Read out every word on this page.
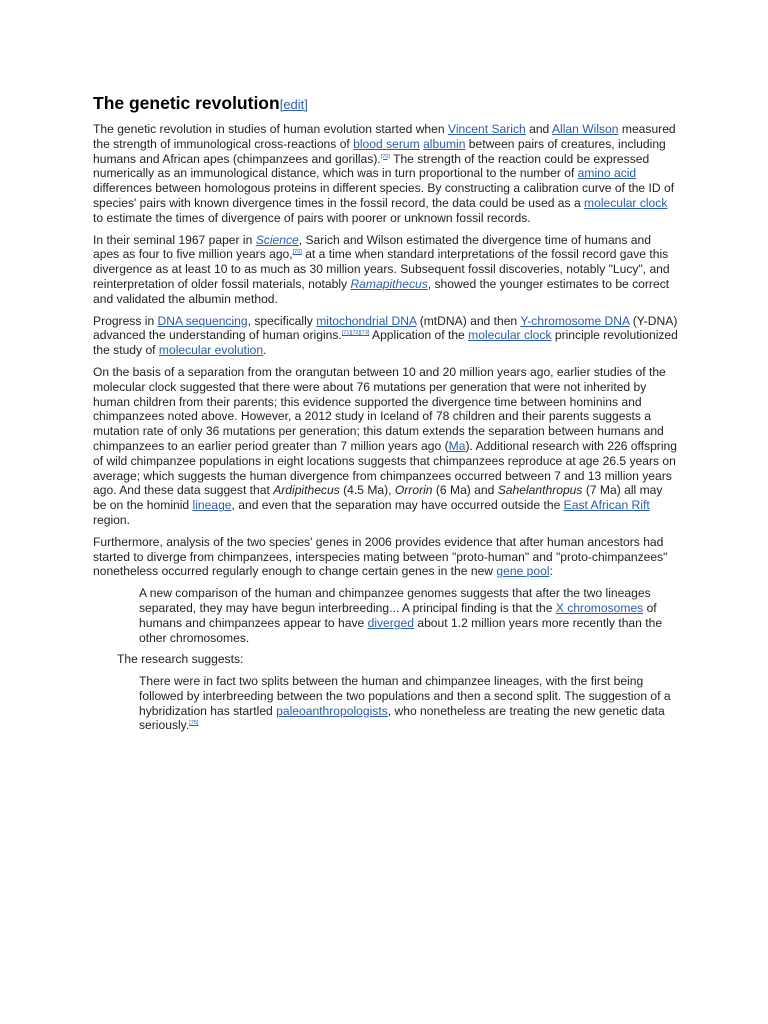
The genetic revolution[edit]

The genetic revolution in studies of human evolution started when Vincent Sarich and Allan Wilson measured the strength of immunological cross-reactions of blood serum albumin between pairs of creatures, including humans and African apes (chimpanzees and gorillas).[70] The strength of the reaction could be expressed numerically as an immunological distance, which was in turn proportional to the number of amino acid differences between homologous proteins in different species. By constructing a calibration curve of the ID of species' pairs with known divergence times in the fossil record, the data could be used as a molecular clock to estimate the times of divergence of pairs with poorer or unknown fossil records.

In their seminal 1967 paper in Science, Sarich and Wilson estimated the divergence time of humans and apes as four to five million years ago,[70] at a time when standard interpretations of the fossil record gave this divergence as at least 10 to as much as 30 million years. Subsequent fossil discoveries, notably "Lucy", and reinterpretation of older fossil materials, notably Ramapithecus, showed the younger estimates to be correct and validated the albumin method.

Progress in DNA sequencing, specifically mitochondrial DNA (mtDNA) and then Y-chromosome DNA (Y-DNA) advanced the understanding of human origins.[71][72][73] Application of the molecular clock principle revolutionized the study of molecular evolution.

On the basis of a separation from the orangutan between 10 and 20 million years ago, earlier studies of the molecular clock suggested that there were about 76 mutations per generation that were not inherited by human children from their parents; this evidence supported the divergence time between hominins and chimpanzees noted above. However, a 2012 study in Iceland of 78 children and their parents suggests a mutation rate of only 36 mutations per generation; this datum extends the separation between humans and chimpanzees to an earlier period greater than 7 million years ago (Ma). Additional research with 226 offspring of wild chimpanzee populations in eight locations suggests that chimpanzees reproduce at age 26.5 years on average; which suggests the human divergence from chimpanzees occurred between 7 and 13 million years ago. And these data suggest that Ardipithecus (4.5 Ma), Orrorin (6 Ma) and Sahelanthropus (7 Ma) all may be on the hominid lineage, and even that the separation may have occurred outside the East African Rift region.

Furthermore, analysis of the two species' genes in 2006 provides evidence that after human ancestors had started to diverge from chimpanzees, interspecies mating between "proto-human" and "proto-chimpanzees" nonetheless occurred regularly enough to change certain genes in the new gene pool:

A new comparison of the human and chimpanzee genomes suggests that after the two lineages separated, they may have begun interbreeding... A principal finding is that the X chromosomes of humans and chimpanzees appear to have diverged about 1.2 million years more recently than the other chromosomes.

The research suggests:

There were in fact two splits between the human and chimpanzee lineages, with the first being followed by interbreeding between the two populations and then a second split. The suggestion of a hybridization has startled paleoanthropologists, who nonetheless are treating the new genetic data seriously.[75]
